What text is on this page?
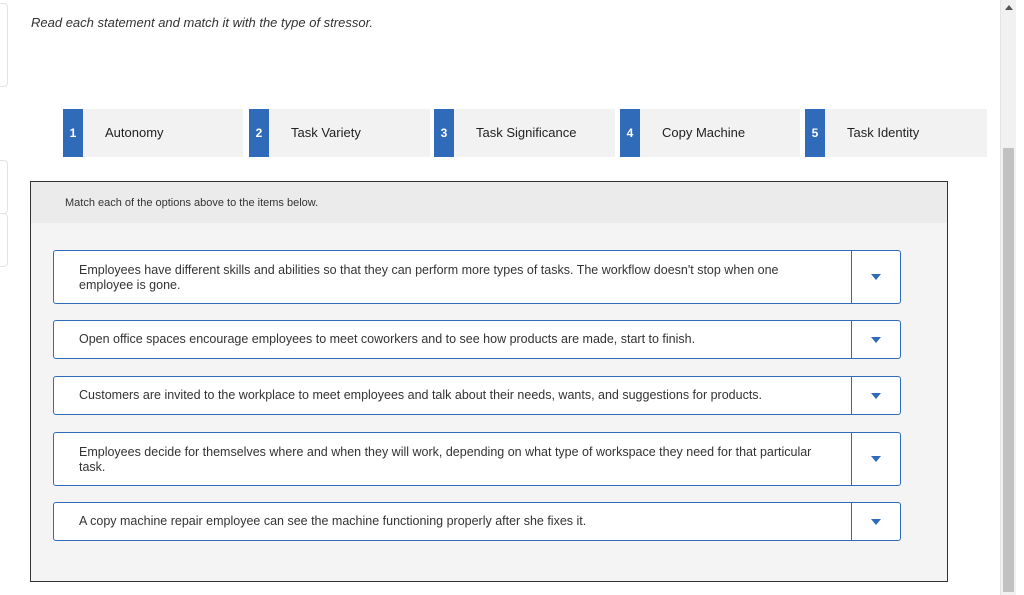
Read each statement and match it with the type of stressor.
1	Autonomy	2	Task Variety	3	Task Significance	4	Copy Machine	5	Task Identity
Match each of the options above to the items below.
Employees have different skills and abilities so that they can perform more types of tasks. The workflow doesn't stop when one employee is gone.
Open office spaces encourage employees to meet coworkers and to see how products are made, start to finish.
Customers are invited to the workplace to meet employees and talk about their needs, wants, and suggestions for products.
Employees decide for themselves where and when they will work, depending on what type of workspace they need for that particular task.
A copy machine repair employee can see the machine functioning properly after she fixes it.
